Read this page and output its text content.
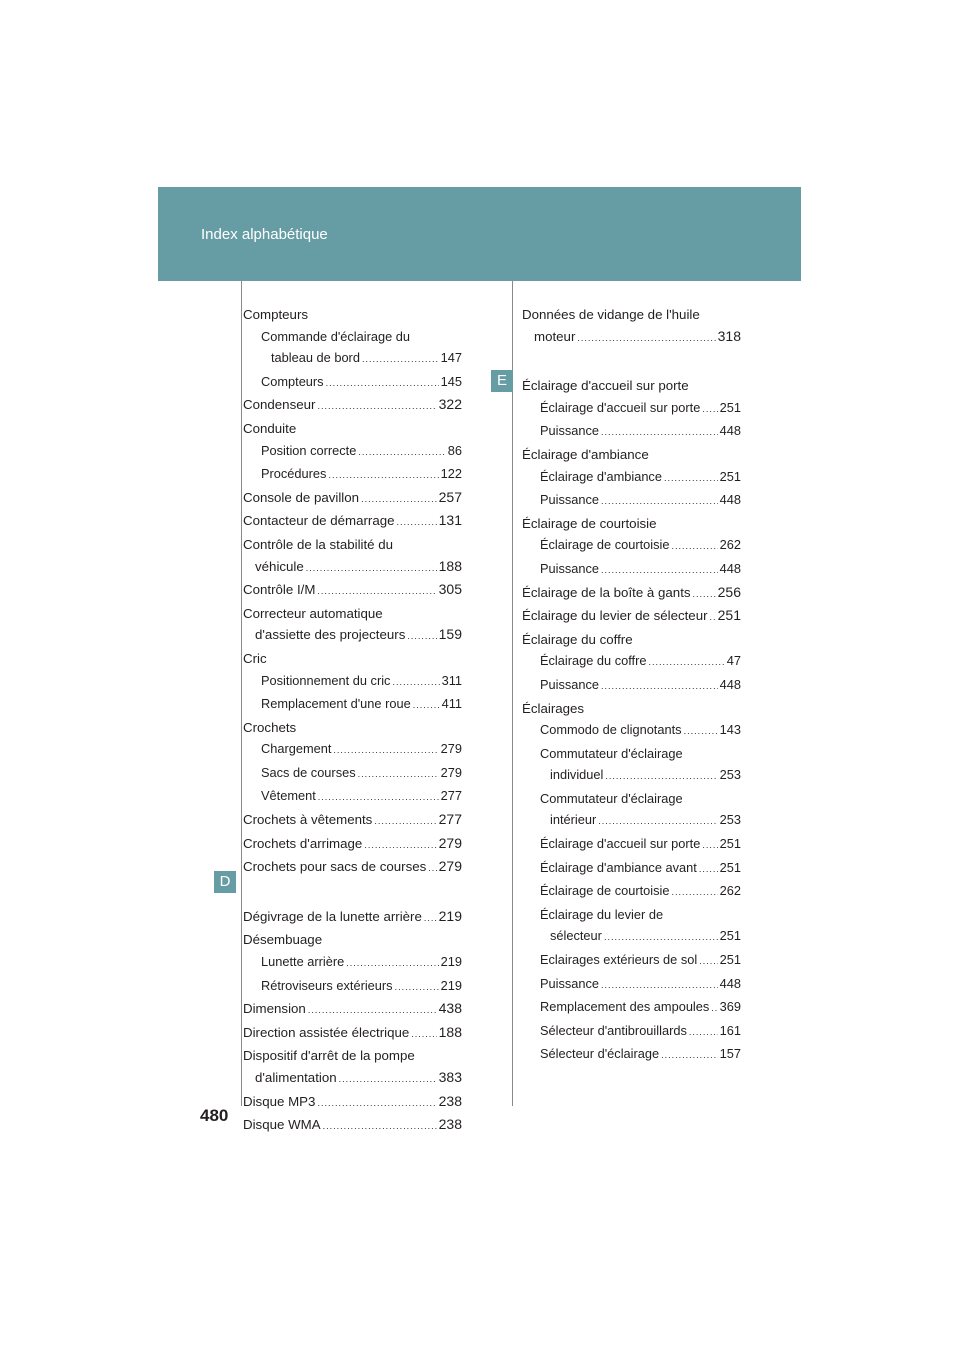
Index alphabétique
E
D
Compteurs
Commande d'éclairage du
tableau de bord .....	147
Compteurs .....	145
Condenseur .....	322
Conduite
Position correcte .....	86
Procédures .....	122
Console de pavillon .....	257
Contacteur de démarrage .....	131
Contrôle de la stabilité du
véhicule .....	188
Contrôle I/M .....	305
Correcteur automatique
d'assiette des projecteurs ..... 159
Cric
Positionnement du cric .....	311
Remplacement d'une roue ..... 411
Crochets
Chargement .....	279
Sacs de courses .....	279
Vêtement .....	277
Crochets à vêtements .....	277
Crochets d'arrimage .....	279
Crochets pour sacs de courses ..... 279
Dégivrage de la lunette arrière ..... 219
Désembuage
Lunette arrière .....	219
Rétroviseurs extérieurs .....	219
Dimension .....	438
Direction assistée électrique ..... 188
Dispositif d'arrêt de la pompe
d'alimentation .....	383
Disque MP3 .....	238
Disque WMA .....	238
Données de vidange de l'huile
moteur .....	318
Éclairage d'accueil sur porte
Éclairage d'accueil sur porte ..... 251
Puissance .....	448
Éclairage d'ambiance
Éclairage d'ambiance .....	251
Puissance .....	448
Éclairage de courtoisie
Éclairage de courtoisie .....	262
Puissance .....	448
Éclairage de la boîte à gants ..... 256
Éclairage du levier de sélecteur ..... 251
Éclairage du coffre
Éclairage du coffre .....	47
Puissance .....	448
Éclairages
Commodo de clignotants .....	143
Commutateur d'éclairage
individuel .....	253
Commutateur d'éclairage
intérieur .....	253
Éclairage d'accueil sur porte ..... 251
Éclairage d'ambiance avant ..... 251
Éclairage de courtoisie .....	262
Éclairage du levier de
sélecteur .....	251
Eclairages extérieurs de sol ..... 251
Puissance .....	448
Remplacement des ampoules ..... 369
Sélecteur d'antibrouillards .....	161
Sélecteur d'éclairage .....	157
480
